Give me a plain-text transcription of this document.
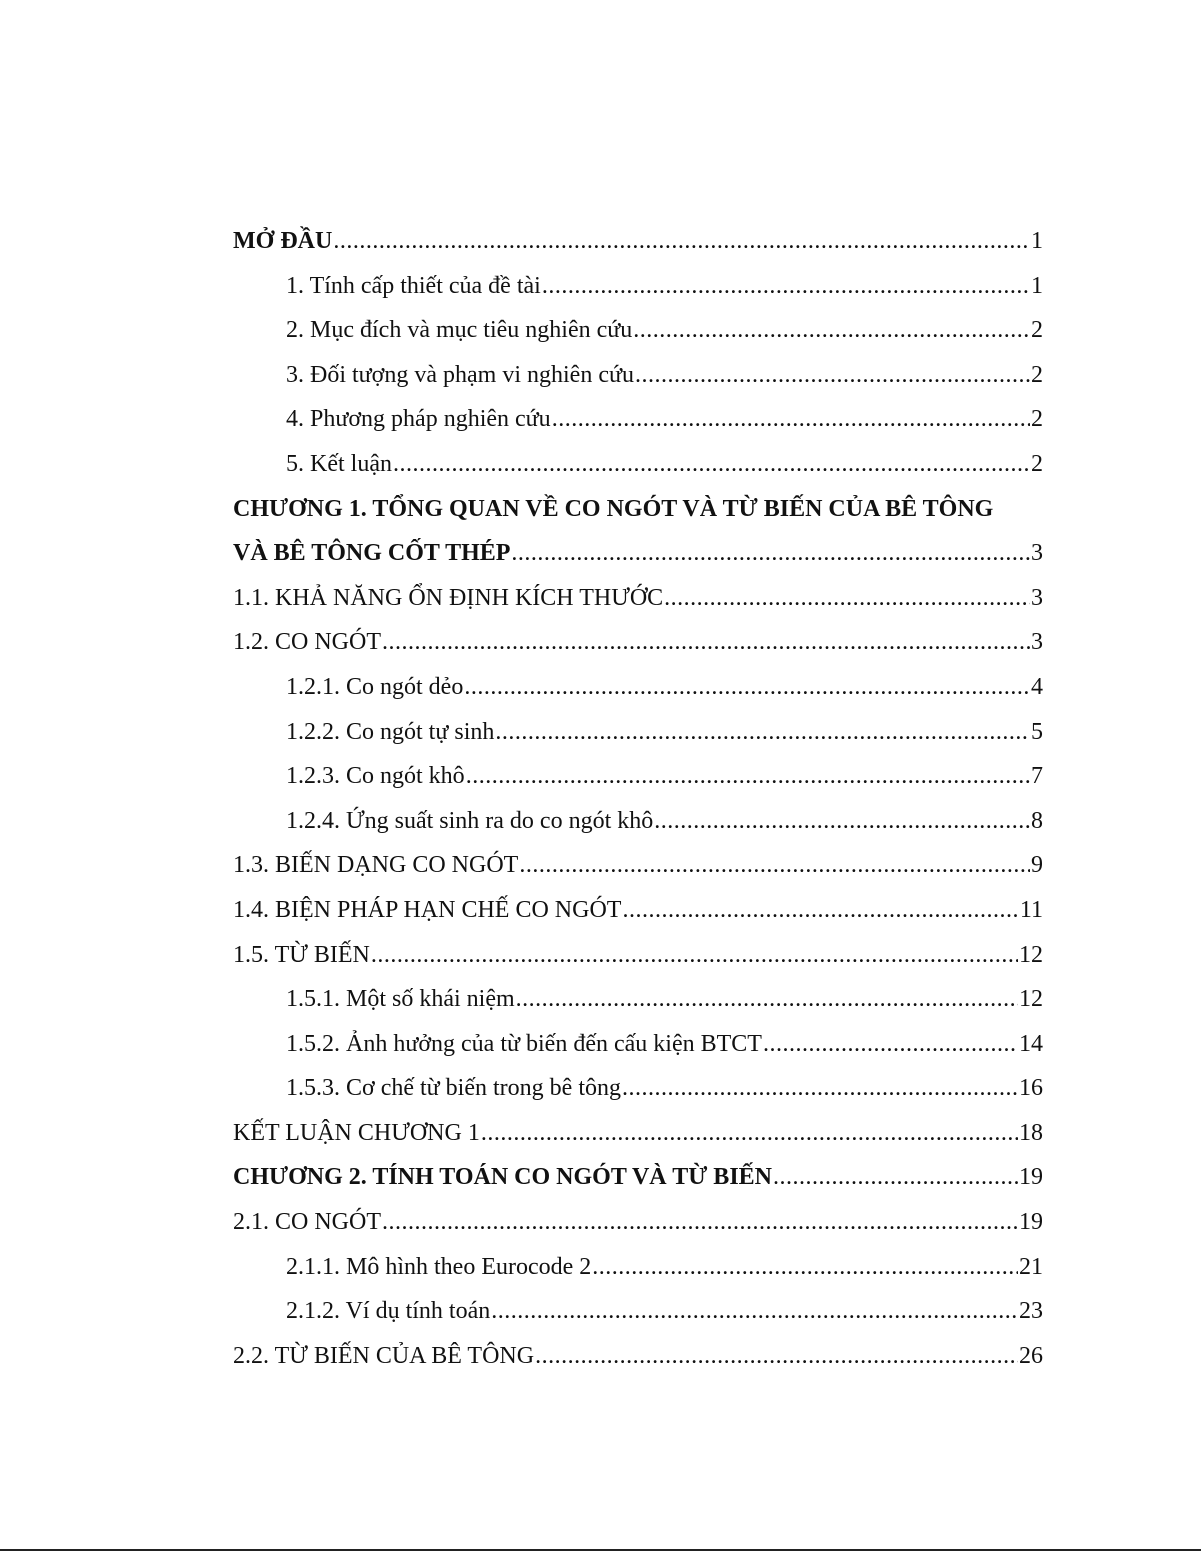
MỞ ĐẦU .....	1
1. Tính cấp thiết của đề tài .....	1
2. Mục đích và mục tiêu nghiên cứu .....	2
3. Đối tượng và phạm vi nghiên cứu .....	2
4. Phương pháp nghiên cứu .....	2
5. Kết luận .....	2
CHƯƠNG 1. TỔNG QUAN VỀ CO NGÓT VÀ TỪ BIẾN CỦA BÊ TÔNG
VÀ BÊ TÔNG CỐT THÉP .....	3
1.1. KHẢ NĂNG ỔN ĐỊNH KÍCH THƯỚC .....	3
1.2. CO NGÓT .....	3
1.2.1. Co ngót dẻo .....	4
1.2.2. Co ngót tự sinh .....	5
1.2.3. Co ngót khô .....	7
1.2.4. Ứng suất sinh ra do co ngót khô .....	8
1.3. BIẾN DẠNG CO NGÓT .....	9
1.4. BIỆN PHÁP HẠN CHẾ CO NGÓT .....	11
1.5. TỪ BIẾN .....	12
1.5.1. Một số khái niệm .....	12
1.5.2. Ảnh hưởng của từ biến đến cấu kiện BTCT .....	14
1.5.3. Cơ chế từ biến trong bê tông .....	16
KẾT LUẬN CHƯƠNG 1 .....	18
CHƯƠNG 2. TÍNH TOÁN CO NGÓT VÀ TỪ BIẾN .....	19
2.1. CO NGÓT .....	19
2.1.1. Mô hình theo Eurocode 2 .....	21
2.1.2. Ví dụ tính toán .....	23
2.2. TỪ BIẾN CỦA BÊ TÔNG .....	26
